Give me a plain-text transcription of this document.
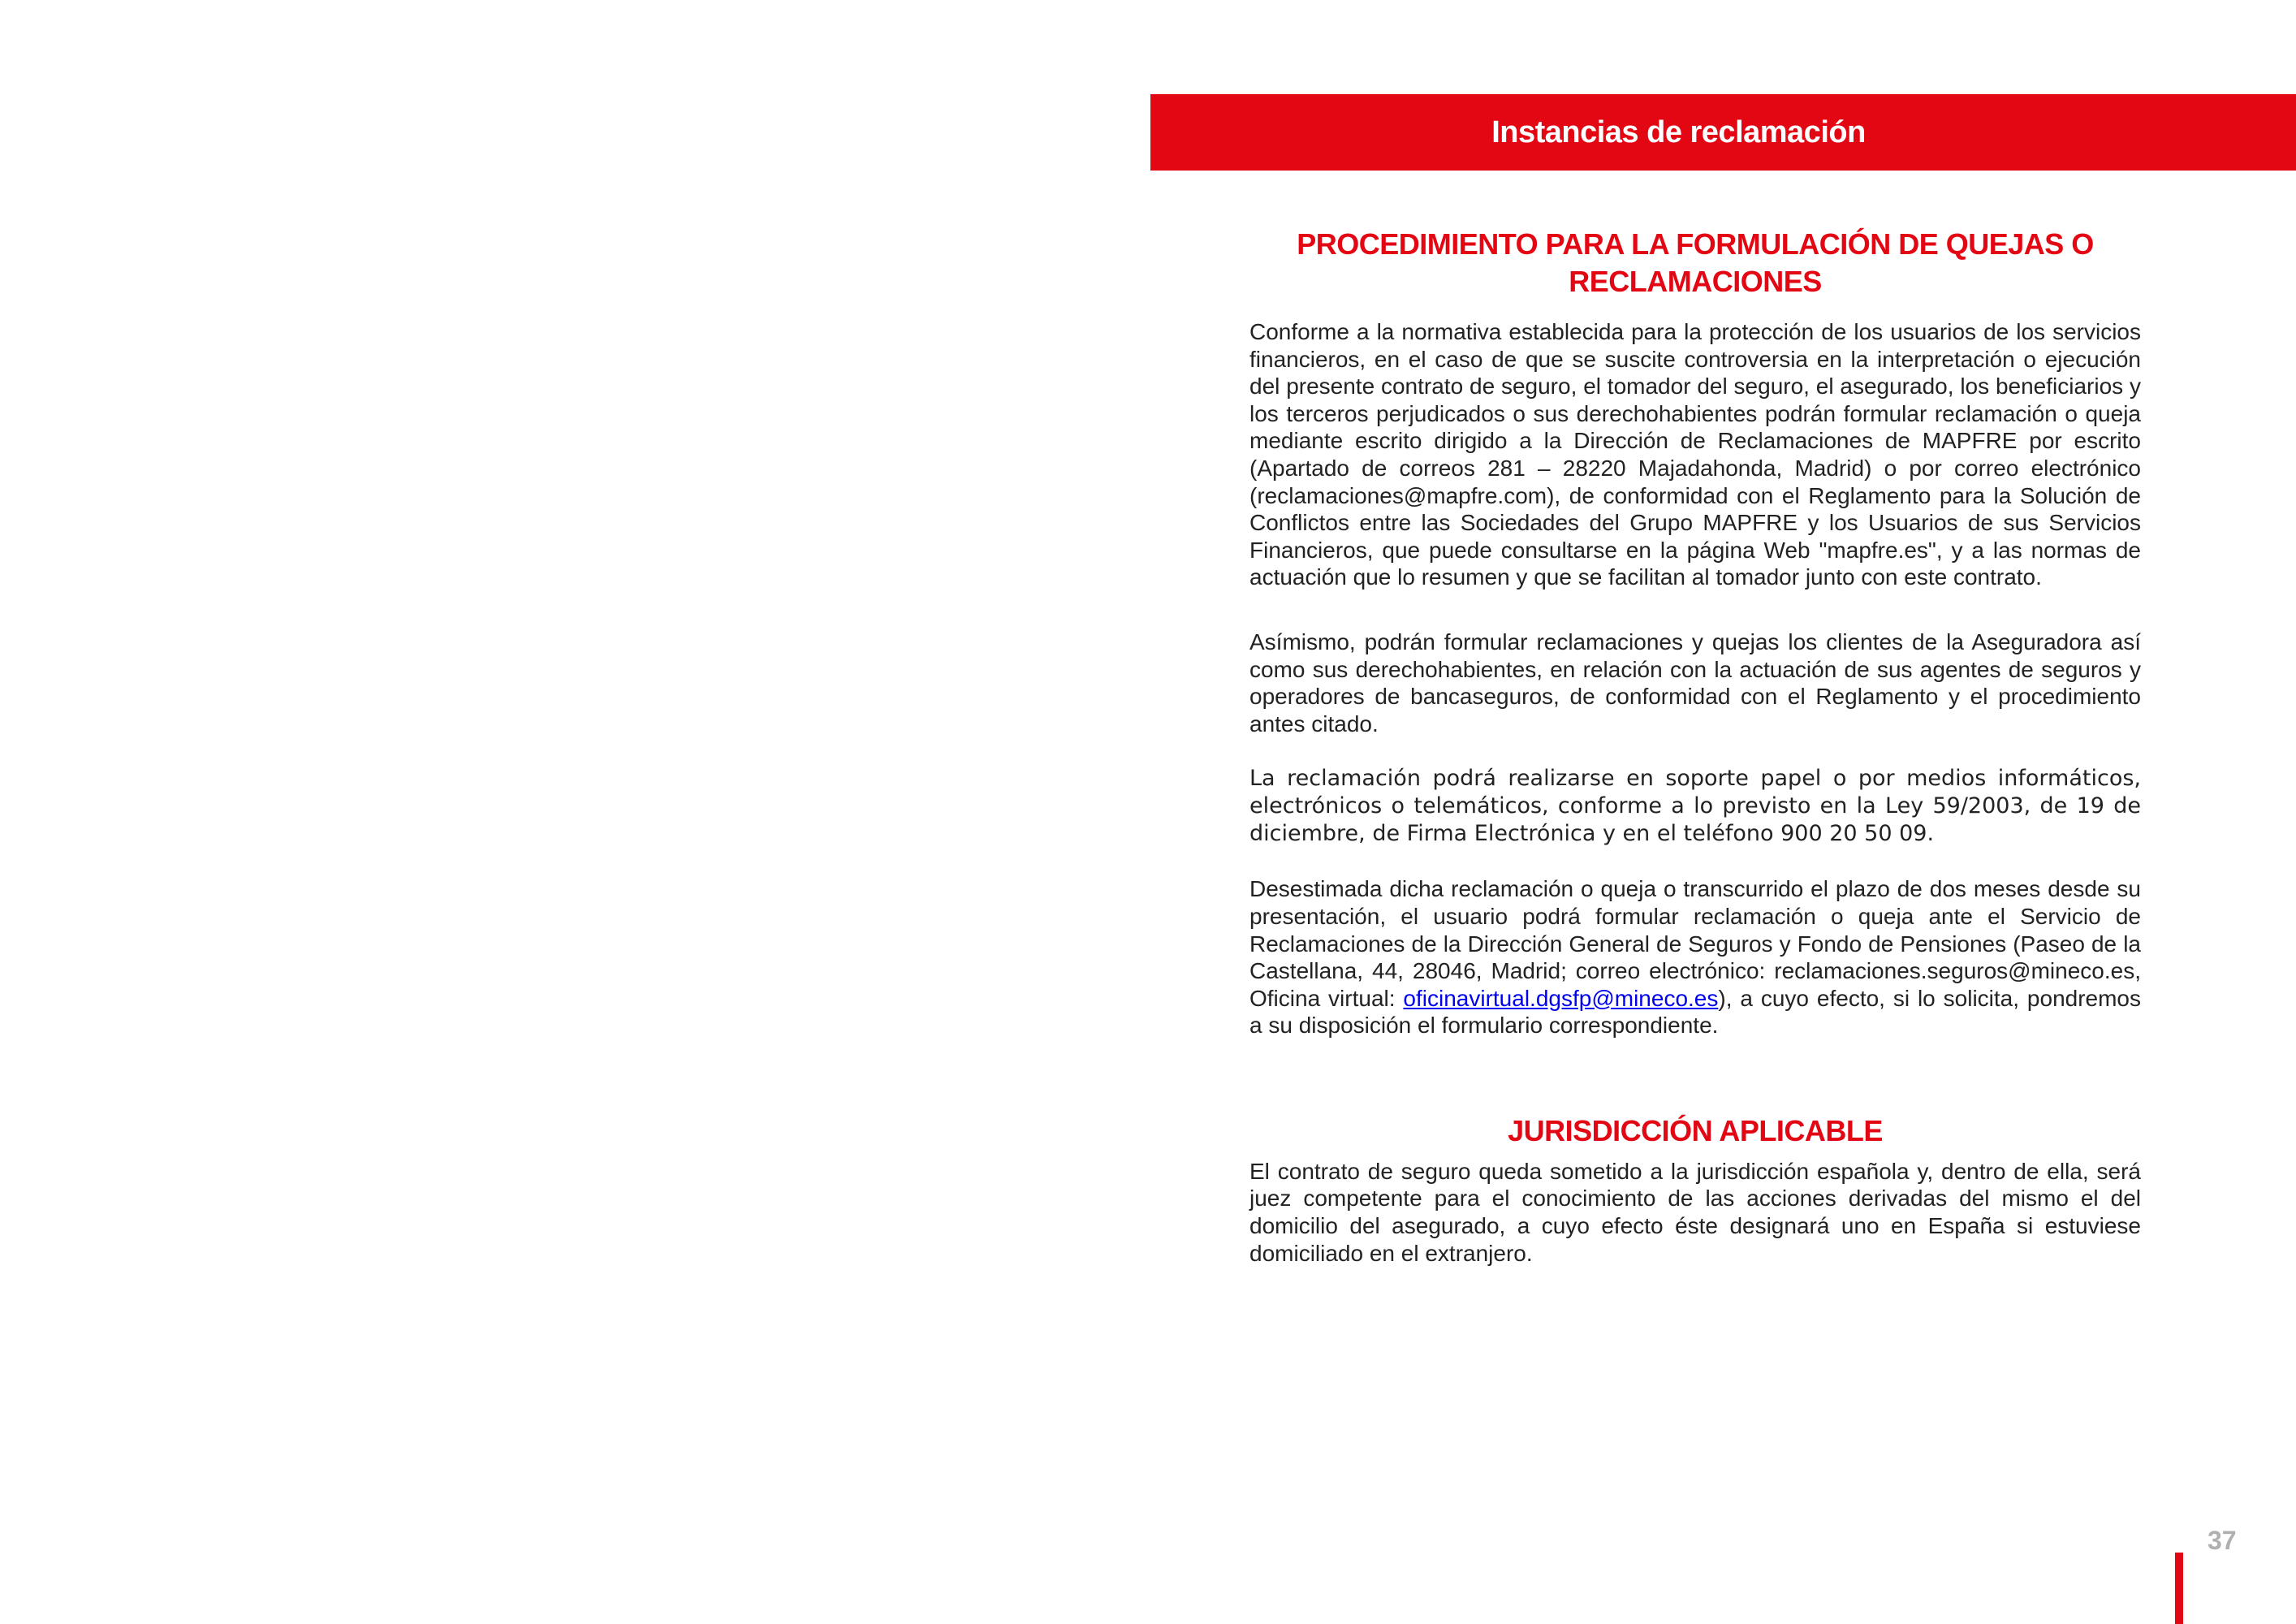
Instancias de reclamación
PROCEDIMIENTO PARA LA FORMULACIÓN DE QUEJAS O
RECLAMACIONES

Conforme a la normativa establecida para la protección de los usuarios de los servicios financieros, en el caso de que se suscite controversia en la interpretación o ejecución del presente contrato de seguro, el tomador del seguro, el asegurado, los beneficiarios y los terceros perjudicados o sus derechohabientes podrán formular reclamación o queja mediante escrito dirigido a la Dirección de Reclamaciones de MAPFRE por escrito (Apartado de correos 281 – 28220 Majadahonda, Madrid) o por correo electrónico (reclamaciones@mapfre.com), de conformidad con el Reglamento para la Solución de Conflictos entre las Sociedades del Grupo MAPFRE y los Usuarios de sus Servicios Financieros, que puede consultarse en la página Web "mapfre.es", y a las normas de actuación que lo resumen y que se facilitan al tomador junto con este contrato.

Asímismo, podrán formular reclamaciones y quejas los clientes de la Aseguradora así como sus derechohabientes, en relación con la actuación de sus agentes de seguros y operadores de bancaseguros, de conformidad con el Reglamento y el procedimiento antes citado.

La reclamación podrá realizarse en soporte papel o por medios informáticos, electrónicos o telemáticos, conforme a lo previsto en la Ley 59/2003, de 19 de diciembre, de Firma Electrónica y en el teléfono 900 20 50 09.

Desestimada dicha reclamación o queja o transcurrido el plazo de dos meses desde su presentación, el usuario podrá formular reclamación o queja ante el Servicio de Reclamaciones de la Dirección General de Seguros y Fondo de Pensiones (Paseo de la Castellana, 44, 28046, Madrid; correo electrónico: reclamaciones.seguros@mineco.es, Oficina virtual: oficinavirtual.dgsfp@mineco.es), a cuyo efecto, si lo solicita, pondremos a su disposición el formulario correspondiente.

JURISDICCIÓN APLICABLE

El contrato de seguro queda sometido a la jurisdicción española y, dentro de ella, será juez competente para el conocimiento de las acciones derivadas del mismo el del domicilio del asegurado, a cuyo efecto éste designará uno en España si estuviese domiciliado en el extranjero.

37
